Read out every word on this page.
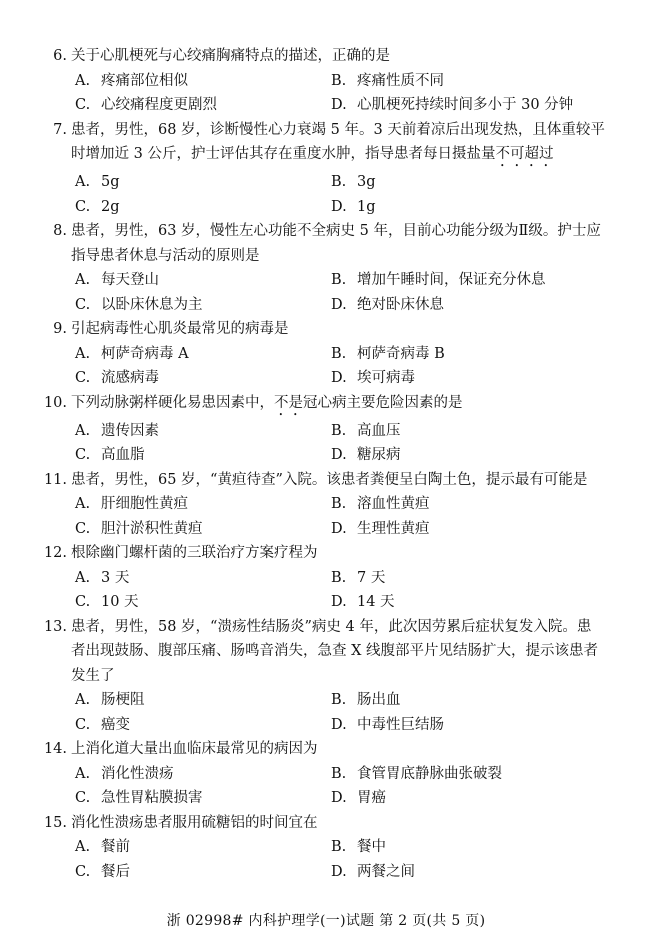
6. 关于心肌梗死与心绞痛胸痛特点的描述，正确的是
A. 疼痛部位相似	B. 疼痛性质不同
C. 心绞痛程度更剧烈	D. 心肌梗死持续时间多小于 30 分钟
7. 患者，男性，68 岁，诊断慢性心力衰竭 5 年。3 天前着凉后出现发热，且体重较平
时增加近 3 公斤，护士评估其存在重度水肿，指导患者每日摄盐量不可超过
A. 5g	B. 3g
C. 2g	D. 1g
8. 患者，男性，63 岁，慢性左心功能不全病史 5 年，目前心功能分级为Ⅱ级。护士应
指导患者休息与活动的原则是
A. 每天登山	B. 增加午睡时间，保证充分休息
C. 以卧床休息为主	D. 绝对卧床休息
9. 引起病毒性心肌炎最常见的病毒是
A. 柯萨奇病毒 A	B. 柯萨奇病毒 B
C. 流感病毒	D. 埃可病毒
10. 下列动脉粥样硬化易患因素中，不是冠心病主要危险因素的是
A. 遗传因素	B. 高血压
C. 高血脂	D. 糖尿病
11. 患者，男性，65 岁，“黄疸待查”入院。该患者粪便呈白陶土色，提示最有可能是
A. 肝细胞性黄疸	B. 溶血性黄疸
C. 胆汁淤积性黄疸	D. 生理性黄疸
12. 根除幽门螺杆菌的三联治疗方案疗程为
A. 3 天	B. 7 天
C. 10 天	D. 14 天
13. 患者，男性，58 岁，“溃疡性结肠炎”病史 4 年，此次因劳累后症状复发入院。患
者出现鼓肠、腹部压痛、肠鸣音消失，急查 X 线腹部平片见结肠扩大，提示该患者
发生了
A. 肠梗阻	B. 肠出血
C. 癌变	D. 中毒性巨结肠
14. 上消化道大量出血临床最常见的病因为
A. 消化性溃疡	B. 食管胃底静脉曲张破裂
C. 急性胃粘膜损害	D. 胃癌
15. 消化性溃疡患者服用硫糖铝的时间宜在
A. 餐前	B. 餐中
C. 餐后	D. 两餐之间
浙 02998# 内科护理学(一)试题 第 2 页(共 5 页)
